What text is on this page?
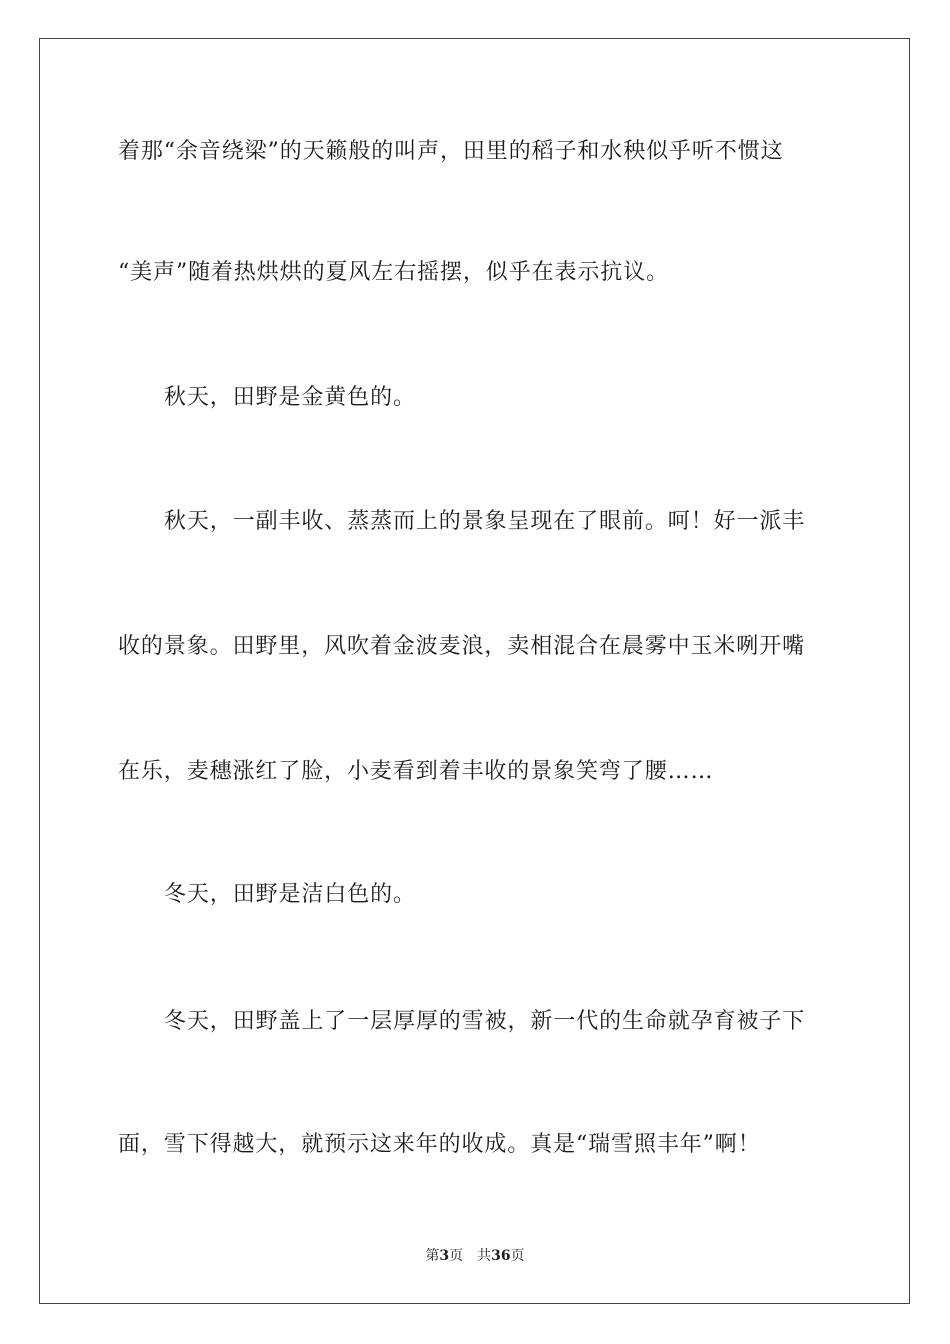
着那“余音绕梁”的天籁般的叫声，田里的稻子和水秧似乎听不惯这
“美声”随着热烘烘的夏风左右摇摆，似乎在表示抗议。
秋天，田野是金黄色的。
秋天，一副丰收、蒸蒸而上的景象呈现在了眼前。呵！好一派丰
收的景象。田野里，风吹着金波麦浪，卖相混合在晨雾中玉米咧开嘴
在乐，麦穗涨红了脸，小麦看到着丰收的景象笑弯了腰……
冬天，田野是洁白色的。
冬天，田野盖上了一层厚厚的雪被，新一代的生命就孕育被子下
面，雪下得越大，就预示这来年的收成。真是“瑞雪照丰年”啊！
第3页 共36页
